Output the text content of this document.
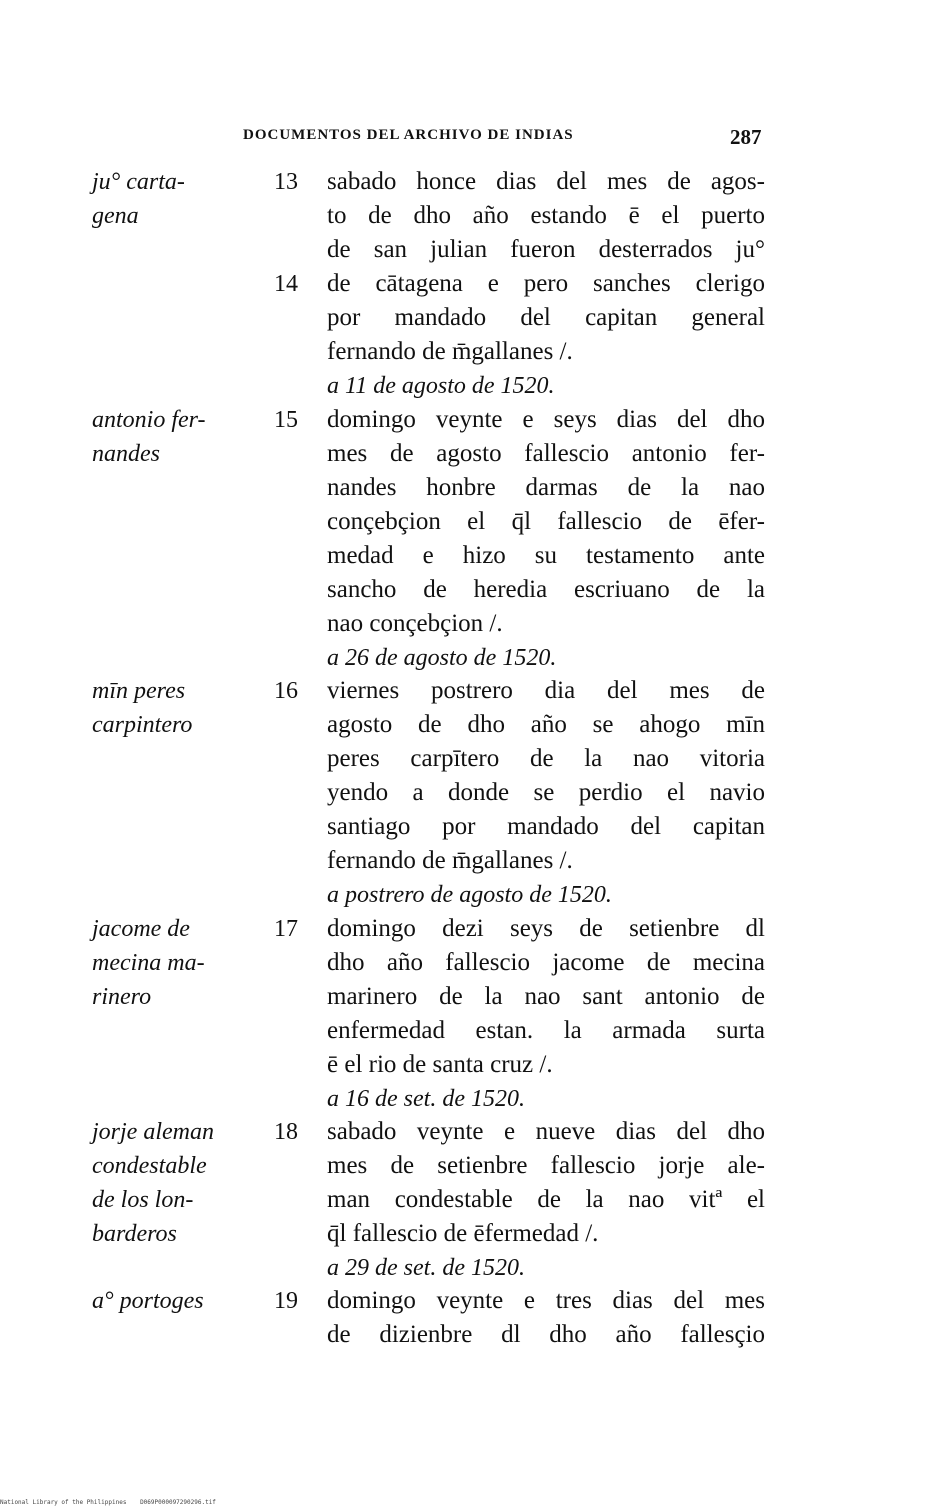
DOCUMENTOS DEL ARCHIVO DE INDIAS	287
ju° carta-
gena
13 sabado honce dias del mes de agos-
to de dho año estando ē el puerto
de san julian fueron desterrados ju°
de cātagena e pero sanches clerigo
por mandado del capitan general
fernando de m̄gallanes /.
a 11 de agosto de 1520.
14
antonio fer-
nandes
15 domingo veynte e seys dias del dho
mes de agosto fallescio antonio fer-
nandes honbre darmas de la nao
conçebçion el q̄l fallescio de ēfer-
medad e hizo su testamento ante
sancho de heredia escriuano de la
nao conçebçion /.
a 26 de agosto de 1520.
mīn peres
carpintero
16 viernes postrero dia del mes de
agosto de dho año se ahogo mīn
peres carpītero de la nao vitoria
yendo a donde se perdio el navio
santiago por mandado del capitan
fernando de m̄gallanes /.
a postrero de agosto de 1520.
jacome de
mecina ma-
rinero
17 domingo dezi seys de setienbre dl
dho año fallescio jacome de mecina
marinero de la nao sant antonio de
enfermedad estan. la armada surta
ē el rio de santa cruz /.
a 16 de set. de 1520.
jorje aleman
condestable
de los lon-
barderos
18 sabado veynte e nueve dias del dho
mes de setienbre fallescio jorje ale-
man condestable de la nao vitª el
q̄l fallescio de ēfermedad /.
a 29 de set. de 1520.
a° portoges	19 domingo veynte e tres dias del mes
de dizienbre dl dho año fallesçio
National Library of the Philippines D069P000097290296.tif
